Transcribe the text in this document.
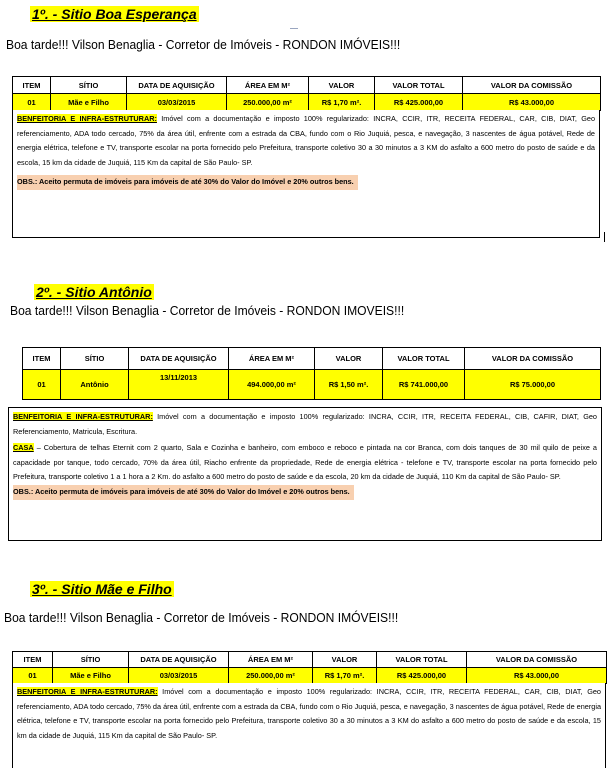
1º. - Sitio Boa Esperança
Boa tarde!!! Vilson Benaglia - Corretor de Imóveis - RONDON IMÓVEIS!!!
ITEM	SÍTIO	DATA DE AQUISIÇÃO	ÁREA EM M²	VALOR	VALOR TOTAL	VALOR DA COMISSÃO
01	Mãe e Filho	03/03/2015	250.000,00 m²	R$ 1,70 m².	R$ 425.000,00	R$ 43.000,00

BENFEITORIA E INFRA-ESTRUTURAR: Imóvel com a documentação e imposto 100% regularizado: INCRA, CCIR, ITR, RECEITA FEDERAL, CAR, CIB, DIAT, Geo referenciamento, ADA todo cercado, 75% da área útil, enfrente com a estrada da CBA, fundo com o Rio Juquiá, pesca, e navegação, 3 nascentes de água potável, Rede de energia elétrica, telefone e TV, transporte escolar na porta fornecido pelo Prefeitura, transporte coletivo 30 a 30 minutos a 3 KM do asfalto a 600 metro do posto de saúde e da escola, 15 km da cidade de Juquiá, 115 Km da capital de São Paulo- SP.

OBS.: Aceito permuta de imóveis para imóveis de até 30% do Valor do Imóvel e 20% outros bens.

2º. - Sitio Antônio
Boa tarde!!! Vilson Benaglia - Corretor de Imóveis - RONDON IMOVEIS!!!
ITEM	SÍTIO	DATA DE AQUISIÇÃO	ÁREA EM M²	VALOR	VALOR TOTAL	VALOR DA COMISSÃO
01	Antônio	13/11/2013	494.000,00 m²	R$ 1,50 m².	R$ 741.000,00	R$ 75.000,00

BENFEITORIA E INFRA-ESTRUTURAR: Imóvel com a documentação e imposto 100% regularizado: INCRA, CCIR, ITR, RECEITA FEDERAL, CIB, CAFIR, DIAT, Geo Referenciamento, Matricula, Escritura.

CASA – Cobertura de telhas Eternit com 2 quarto, Sala e Cozinha e banheiro, com emboco e reboco e pintada na cor Branca, com dois tanques de 30 mil quilo de peixe a capacidade por tanque, todo cercado, 70% da área útil, Riacho enfrente da propriedade, Rede de energia elétrica - telefone e TV, transporte escolar na porta fornecido pelo Prefeitura, transporte coletivo 1 a 1 hora a 2 Km. do asfalto a 600 metro do posto de saúde e da escola, 20 km da cidade de Juquiá, 110 Km da capital de São Paulo- SP.

OBS.: Aceito permuta de imóveis para imóveis de até 30% do Valor do Imóvel e 20% outros bens.

3º. - Sitio Mãe e Filho
Boa tarde!!! Vilson Benaglia - Corretor de Imóveis - RONDON IMÓVEIS!!!
ITEM	SÍTIO	DATA DE AQUISIÇÃO	ÁREA EM M²	VALOR	VALOR TOTAL	VALOR DA COMISSÃO
01	Mãe e Filho	03/03/2015	250.000,00 m²	R$ 1,70 m².	R$ 425.000,00	R$ 43.000,00

BENFEITORIA E INFRA-ESTRUTURAR: Imóvel com a documentação e imposto 100% regularizado: INCRA, CCIR, ITR, RECEITA FEDERAL, CAR, CIB, DIAT, Geo referenciamento, ADA todo cercado, 75% da área útil, enfrente com a estrada da CBA, fundo com o Rio Juquiá, pesca, e navegação, 3 nascentes de água potável, Rede de energia elétrica, telefone e TV, transporte escolar na porta fornecido pelo Prefeitura, transporte coletivo 30 a 30 minutos a 3 KM do asfalto a 600 metro do posto de saúde e da escola, 15 km da cidade de Juquiá, 115 Km da capital de São Paulo- SP.
